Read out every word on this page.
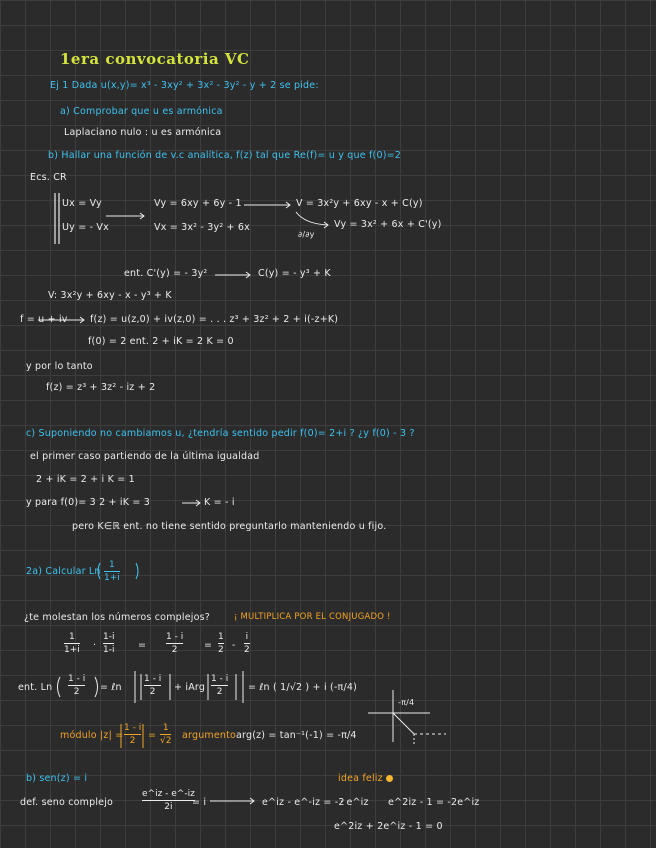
1era convocatoria VC
Ej 1 Dada u(x,y)= x³ - 3xy² + 3x² - 3y² - y + 2 se pide:
a) Comprobar que u es armónica
Laplaciano nulo : u es armónica
b) Hallar una función de v.c analítica, f(z) tal que Re(f)= u y que f(0)=2
Ecs. CR
Ux = Vy
Uy = - Vx
Vy = 6xy + 6y - 1
Vx = 3x² - 3y² + 6x
V = 3x²y + 6xy - x + C(y)
∂/∂y
Vy = 3x² + 6x + C'(y)
ent. C'(y) = - 3y²	C(y) = - y³ + K
V: 3x²y + 6xy - x - y³ + K
f = u + iv f(z) = u(z,0) + iv(z,0) = . . . z³ + 3z² + 2 + i(-z+K)
f(0) = 2 ent. 2 + iK = 2 K = 0
y por lo tanto
f(z) = z³ + 3z² - iz + 2
c) Suponiendo no cambiamos u, ¿tendría sentido pedir f(0)= 2+i ? ¿y f(0) - 3 ?
el primer caso partiendo de la última igualdad
2 + iK = 2 + i K = 1
y para f(0)= 3 2 + iK = 3	K = - i
pero K∈ℝ ent. no tiene sentido preguntarlo manteniendo u fijo.
2a) Calcular Ln
1
1+i
¿te molestan los números complejos?	¡ MULTIPLICA POR EL CONJUGADO !
1
1+i ·
1-i
1-i =
1 - i
2	=
1
2 -
i
2
ent. Ln
1 - i
2	= ℓn
1 - i
2	+ iArg
1 - i
2	= ℓn ( 1/√2 ) + i (-π/4)
-π/4
módulo |z| =
1 - i
2	=
1
√2 argumento arg(z) = tan⁻¹(-1) = -π/4
b) sen(z) = i	idea feliz
def. seno complejo
e^iz - e^-iz
2i	= i	e^iz - e^-iz = -2
· e^iz e^2iz - 1 = -2e^iz
e^2iz + 2e^iz - 1 = 0
